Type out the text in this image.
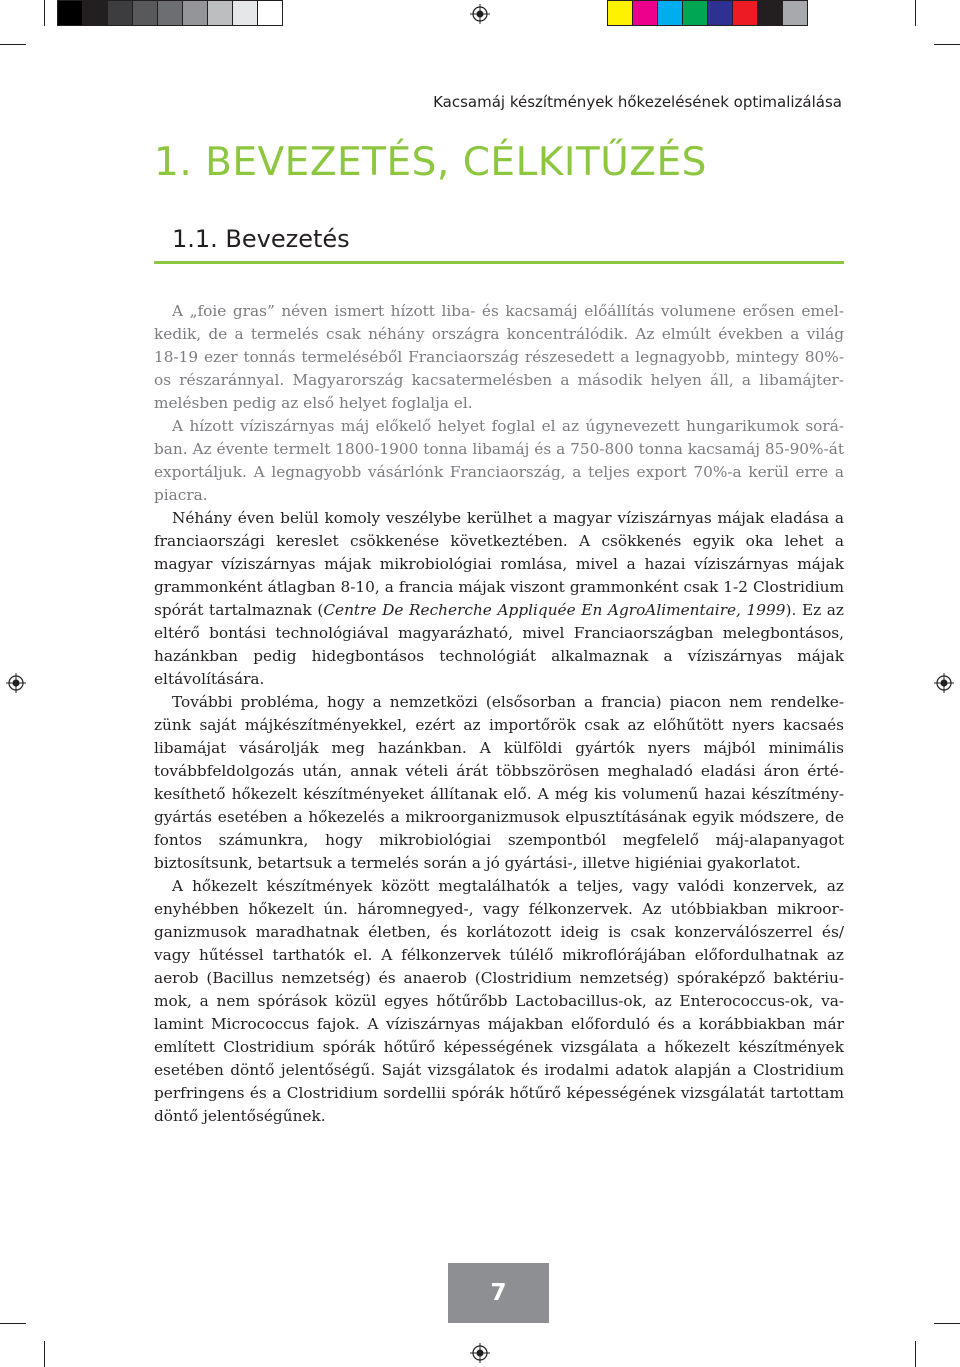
Kacsamáj készítmények hőkezelésének optimalizálása
1. BEVEZETÉS, CÉLKITŰZÉS
1.1. Bevezetés

A „foie gras” néven ismert hízott liba- és kacsamáj előállítás volumene erősen emelkedik, de a termelés csak néhány országra koncentrálódik. Az elmúlt években a világ 18-19 ezer tonnás termeléséből Franciaország részesedett a legnagyobb, mintegy 80%-os részaránnyal. Magyarország kacsatermelésben a második helyen áll, a libamájtermelésben pedig az első helyet foglalja el.

A hízott víziszárnyas máj előkelő helyet foglal el az úgynevezett hungarikumok sorában. Az évente termelt 1800-1900 tonna libamáj és a 750-800 tonna kacsamáj 85-90%-át exportáljuk. A legnagyobb vásárlónk Franciaország, a teljes export 70%-a kerül erre a piacra.

Néhány éven belül komoly veszélybe kerülhet a magyar víziszárnyas májak eladása a franciaországi kereslet csökkenése következtében. A csökkenés egyik oka lehet a magyar víziszárnyas májak mikrobiológiai romlása, mivel a hazai víziszárnyas májak grammonként átlagban 8-10, a francia májak viszont grammonként csak 1-2 Clostridium spórát tartalmaznak (Centre De Recherche Appliquée En AgroAlimentaire, 1999). Ez az eltérő bontási technológiával magyarázható, mivel Franciaországban melegbontásos, hazánkban pedig hidegbontásos technológiát alkalmaznak a víziszárnyas májak eltávolítására.

További probléma, hogy a nemzetközi (elsősorban a francia) piacon nem rendelkezünk saját májkészítményekkel, ezért az importőrök csak az előhűtött nyers kacsaés libamájat vásárolják meg hazánkban. A külföldi gyártók nyers májból minimális továbbfeldolgozás után, annak vételi árát többszörösen meghaladó eladási áron értékesíthető hőkezelt készítményeket állítanak elő. A még kis volumenű hazai készítménygyártás esetében a hőkezelés a mikroorganizmusok elpusztításának egyik módszere, de fontos számunkra, hogy mikrobiológiai szempontból megfelelő máj-alapanyagot biztosítsunk, betartsuk a termelés során a jó gyártási-, illetve higiéniai gyakorlatot.

A hőkezelt készítmények között megtalálhatók a teljes, vagy valódi konzervek, az enyhébben hőkezelt ún. háromnegyed-, vagy félkonzervek. Az utóbbiakban mikroorganizmusok maradhatnak életben, és korlátozott ideig is csak konzerválószerrel és/ vagy hűtéssel tarthatók el. A félkonzervek túlélő mikroflórájában előfordulhatnak az aerob (Bacillus nemzetség) és anaerob (Clostridium nemzetség) spóraképző baktériumok, a nem spórások közül egyes hőtűrőbb Lactobacillus-ok, az Enterococcus-ok, valamint Micrococcus fajok. A víziszárnyas májakban előforduló és a korábbiakban már említett Clostridium spórák hőtűrő képességének vizsgálata a hőkezelt készítmények esetében döntő jelentőségű. Saját vizsgálatok és irodalmi adatok alapján a Clostridium perfringens és a Clostridium sordellii spórák hőtűrő képességének vizsgálatát tartottam döntő jelentőségűnek.

7
